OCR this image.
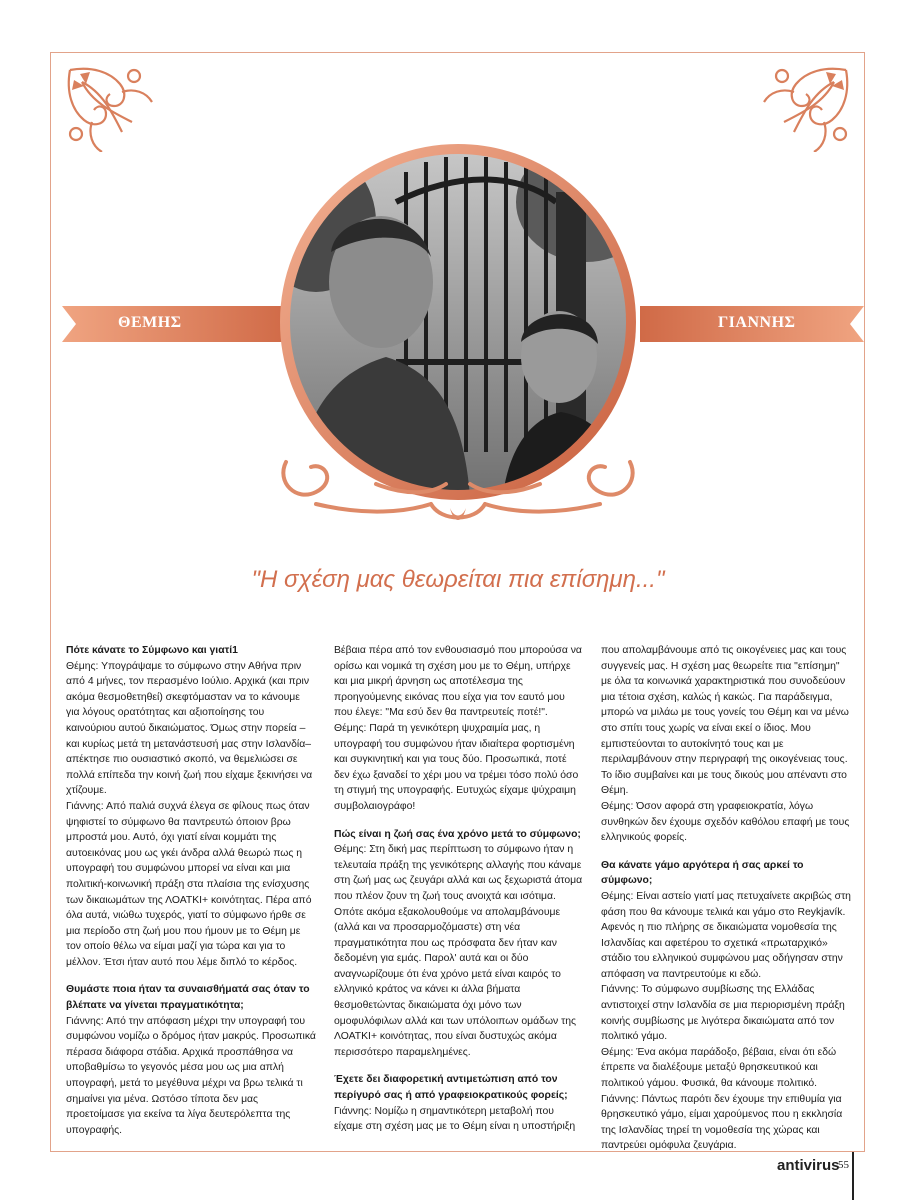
ΘΕΜΗΣ	ΓΙΑΝΝΗΣ
"Η σχέση μας θεωρείται πια επίσημη..."

Πότε κάνατε το Σύμφωνο και γιατί1

Θέμης: Υπογράψαμε το σύμφωνο στην Αθήνα πριν από 4 μήνες, τον περασμένο Ιούλιο. Αρχικά (και πριν ακόμα θεσμοθετηθεί) σκεφτόμασταν να το κάνουμε για λόγους ορατότητας και αξιοποίησης του καινούριου αυτού δικαιώματος. Όμως στην πορεία –και κυρίως μετά τη μετανάστευσή μας στην Ισλανδία– απέκτησε πιο ουσιαστικό σκοπό, να θεμελιώσει σε πολλά επίπεδα την κοινή ζωή που είχαμε ξεκινήσει να χτίζουμε.

Γιάννης: Από παλιά συχνά έλεγα σε φίλους πως όταν ψηφιστεί το σύμφωνο θα παντρευτώ όποιον βρω μπροστά μου. Αυτό, όχι γιατί είναι κομμάτι της αυτοεικόνας μου ως γκέι άνδρα αλλά θεωρώ πως η υπογραφή του συμφώνου μπορεί να είναι και μια πολιτική-κοινωνική πράξη στα πλαίσια της ενίσχυσης των δικαιωμάτων της ΛΟΑΤΚΙ+ κοινότητας. Πέρα από όλα αυτά, νιώθω τυχερός, γιατί το σύμφωνο ήρθε σε μια περίοδο στη ζωή μου που ήμουν με το Θέμη με τον οποίο θέλω να είμαι μαζί για τώρα και για το μέλλον. Έτσι ήταν αυτό που λέμε διπλό το κέρδος.

Θυμάστε ποια ήταν τα συναισθήματά σας όταν το βλέπατε να γίνεται πραγματικότητα;

Γιάννης: Από την απόφαση μέχρι την υπογραφή του συμφώνου νομίζω ο δρόμος ήταν μακρύς. Προσωπικά πέρασα διάφορα στάδια. Αρχικά προσπάθησα να υποβαθμίσω το γεγονός μέσα μου ως μια απλή υπογραφή, μετά το μεγέθυνα μέχρι να βρω τελικά τι σημαίνει για μένα. Ωστόσο τίποτα δεν μας προετοίμασε για εκείνα τα λίγα δευτερόλεπτα της υπογραφής.

Βέβαια πέρα από τον ενθουσιασμό που μπορούσα να ορίσω και νομικά τη σχέση μου με το Θέμη, υπήρχε και μια μικρή άρνηση ως αποτέλεσμα της προηγούμενης εικόνας που είχα για τον εαυτό μου που έλεγε: "Μα εσύ δεν θα παντρευτείς ποτέ!".

Θέμης: Παρά τη γενικότερη ψυχραιμία μας, η υπογραφή του συμφώνου ήταν ιδιαίτερα φορτισμένη και συγκινητική και για τους δύο. Προσωπικά, ποτέ δεν έχω ξαναδεί το χέρι μου να τρέμει τόσο πολύ όσο τη στιγμή της υπογραφής. Ευτυχώς είχαμε ψύχραιμη συμβολαιογράφο!

Πώς είναι η ζωή σας ένα χρόνο μετά το σύμφωνο;

Θέμης: Στη δική μας περίπτωση το σύμφωνο ήταν η τελευταία πράξη της γενικότερης αλλαγής που κάναμε στη ζωή μας ως ζευγάρι αλλά και ως ξεχωριστά άτομα που πλέον ζουν τη ζωή τους ανοιχτά και ισότιμα. Οπότε ακόμα εξακολουθούμε να απολαμβάνουμε (αλλά και να προσαρμοζόμαστε) στη νέα πραγματικότητα που ως πρόσφατα δεν ήταν καν δεδομένη για εμάς. Παρολ' αυτά και οι δύο αναγνωρίζουμε ότι ένα χρόνο μετά είναι καιρός το ελληνικό κράτος να κάνει κι άλλα βήματα θεσμοθετώντας δικαιώματα όχι μόνο των ομοφυλόφιλων αλλά και των υπόλοιπων ομάδων της ΛΟΑΤΚΙ+ κοινότητας, που είναι δυστυχώς ακόμα περισσότερο παραμελημένες.

Έχετε δει διαφορετική αντιμετώπιση από τον περίγυρό σας ή από γραφειοκρατικούς φορείς;

Γιάννης: Νομίζω η σημαντικότερη μεταβολή που είχαμε στη σχέση μας με το Θέμη είναι η υποστήριξη

που απολαμβάνουμε από τις οικογένειες μας και τους συγγενείς μας. Η σχέση μας θεωρείτε πια "επίσημη" με όλα τα κοινωνικά χαρακτηριστικά που συνοδεύουν μια τέτοια σχέση, καλώς ή κακώς. Για παράδειγμα, μπορώ να μιλάω με τους γονείς του Θέμη και να μένω στο σπίτι τους χωρίς να είναι εκεί ο ίδιος. Μου εμπιστεύονται το αυτοκίνητό τους και με περιλαμβάνουν στην περιγραφή της οικογένειας τους. Το ίδιο συμβαίνει και με τους δικούς μου απέναντι στο Θέμη.

Θέμης: Όσον αφορά στη γραφειοκρατία, λόγω συνθηκών δεν έχουμε σχεδόν καθόλου επαφή με τους ελληνικούς φορείς.

Θα κάνατε γάμο αργότερα ή σας αρκεί το σύμφωνο;

Θέμης: Είναι αστείο γιατί μας πετυχαίνετε ακριβώς στη φάση που θα κάνουμε τελικά και γάμο στο Reykjavík. Αφενός η πιο πλήρης σε δικαιώματα νομοθεσία της Ισλανδίας και αφετέρου το σχετικά «πρωταρχικό» στάδιο του ελληνικού συμφώνου μας οδήγησαν στην απόφαση να παντρευτούμε κι εδώ.

Γιάννης: Το σύμφωνο συμβίωσης της Ελλάδας αντιστοιχεί στην Ισλανδία σε μια περιορισμένη πράξη κοινής συμβίωσης με λιγότερα δικαιώματα από τον πολιτικό γάμο.

Θέμης: Ένα ακόμα παράδοξο, βέβαια, είναι ότι εδώ έπρεπε να διαλέξουμε μεταξύ θρησκευτικού και πολιτικού γάμου. Φυσικά, θα κάνουμε πολιτικό.

Γιάννης: Πάντως παρότι δεν έχουμε την επιθυμία για θρησκευτικό γάμο, είμαι χαρούμενος που η εκκλησία της Ισλανδίας τηρεί τη νομοθεσία της χώρας και παντρεύει ομόφυλα ζευγάρια.

antivirus
55
